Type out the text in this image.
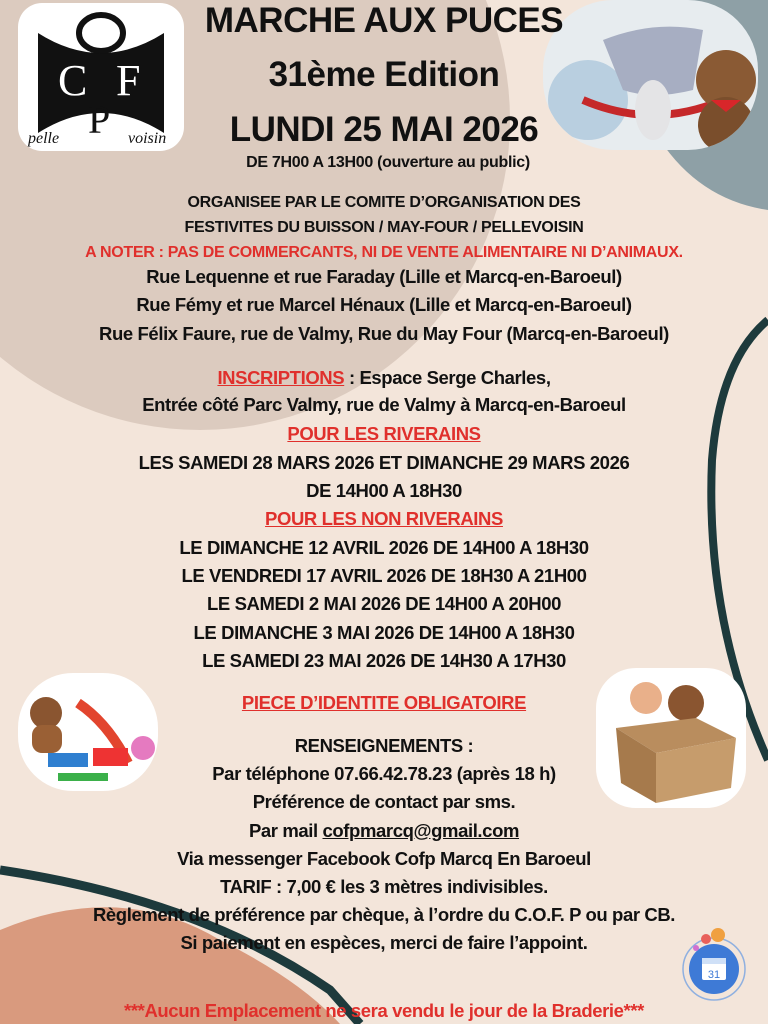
C F
P
pelle	voisin
MARCHE AUX PUCES
31ème Edition
LUNDI 25 MAI 2026
DE 7H00 A 13H00 (ouverture au public)
ORGANISEE PAR LE COMITE D’ORGANISATION DES
FESTIVITES DU BUISSON / MAY-FOUR / PELLEVOISIN
A NOTER : PAS DE COMMERCANTS, NI DE VENTE ALIMENTAIRE NI D’ANIMAUX.
Rue Lequenne et rue Faraday (Lille et Marcq-en-Baroeul)
Rue Fémy et rue Marcel Hénaux (Lille et Marcq-en-Baroeul)
Rue Félix Faure, rue de Valmy, Rue du May Four (Marcq-en-Baroeul)
INSCRIPTIONS : Espace Serge Charles,
Entrée côté Parc Valmy, rue de Valmy à Marcq-en-Baroeul
POUR LES RIVERAINS
LES SAMEDI 28 MARS 2026 ET DIMANCHE 29 MARS 2026
DE 14H00 A 18H30
POUR LES NON RIVERAINS
LE DIMANCHE 12 AVRIL 2026 DE 14H00 A 18H30
LE VENDREDI 17 AVRIL 2026 DE 18H30 A 21H00
LE SAMEDI 2 MAI 2026 DE 14H00 A 20H00
LE DIMANCHE 3 MAI 2026 DE 14H00 A 18H30
LE SAMEDI 23 MAI 2026 DE 14H30 A 17H30
PIECE D’IDENTITE OBLIGATOIRE
RENSEIGNEMENTS :
Par téléphone 07.66.42.78.23 (après 18 h)
Préférence de contact par sms.
Par mail cofpmarcq@gmail.com
Via messenger Facebook Cofp Marcq En Baroeul
TARIF : 7,00 € les 3 mètres indivisibles.
Règlement de préférence par chèque, à l’ordre du C.O.F. P ou par CB.
Si paiement en espèces, merci de faire l’appoint.
31
***Aucun Emplacement ne sera vendu le jour de la Braderie***
